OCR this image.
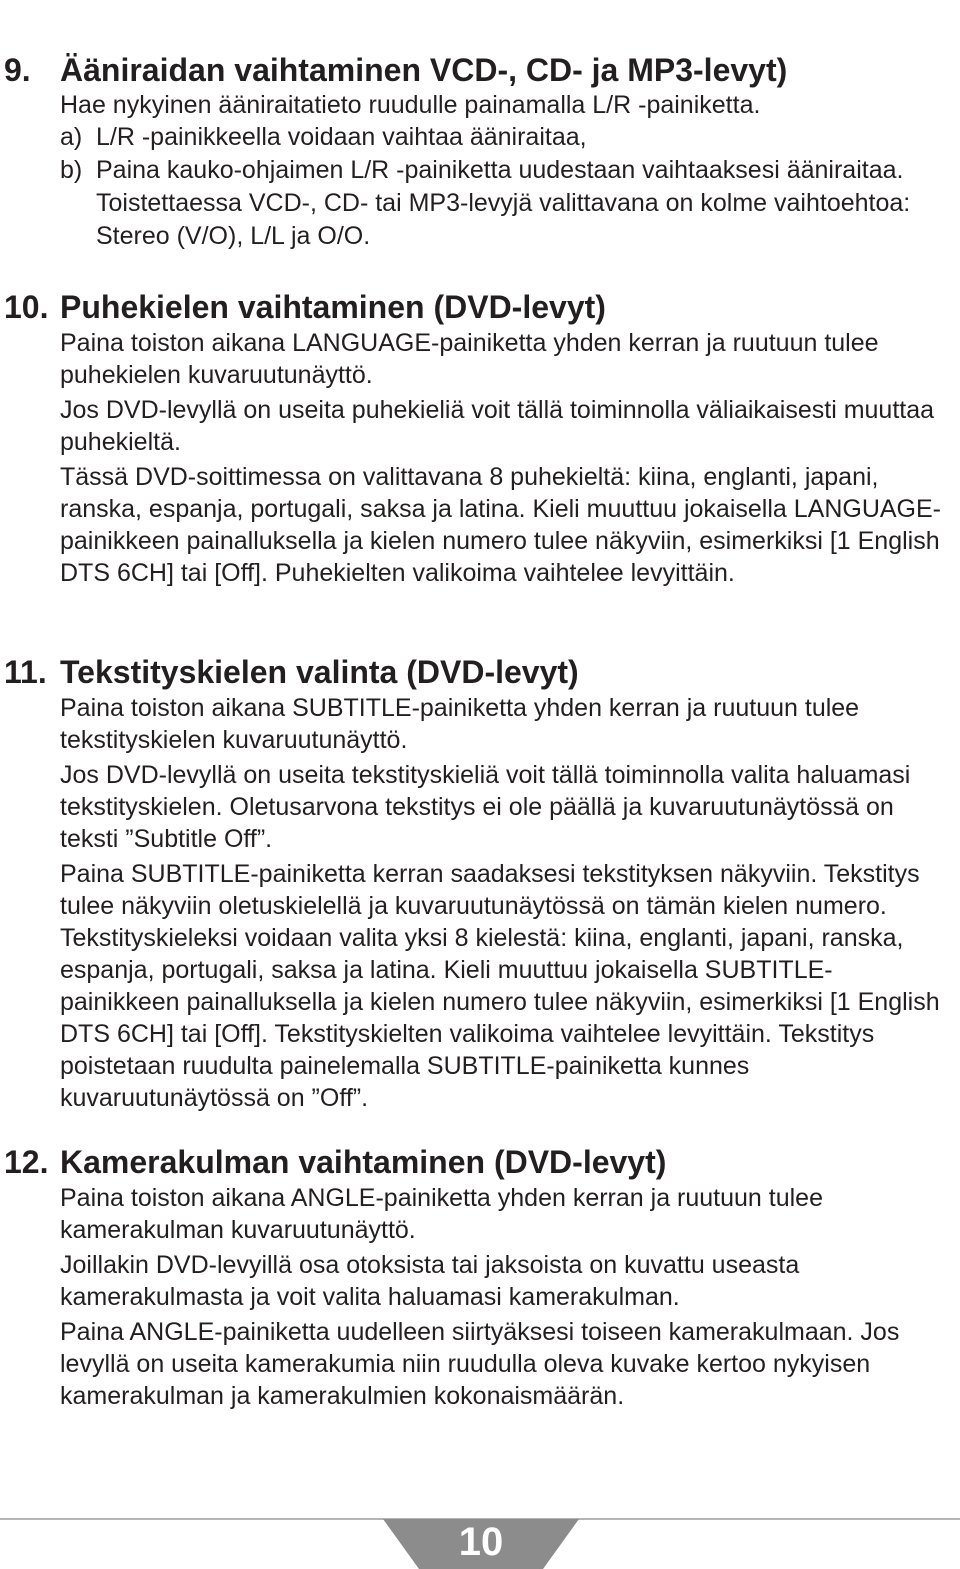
9. Ääniraidan vaihtaminen VCD-, CD- ja MP3-levyt)

Hae nykyinen ääniraitatieto ruudulle painamalla L/R -painiketta.

a) L/R -painikkeella voidaan vaihtaa ääniraitaa,

b) Paina kauko-ohjaimen L/R -painiketta uudestaan vaihtaaksesi ääniraitaa. Toistettaessa VCD-, CD- tai MP3-levyjä valittavana on kolme vaihtoehtoa: Stereo (V/O), L/L ja O/O.

10. Puhekielen vaihtaminen (DVD-levyt)

Paina toiston aikana LANGUAGE-painiketta yhden kerran ja ruutuun tulee puhekielen kuvaruutunäyttö.

Jos DVD-levyllä on useita puhekieliä voit tällä toiminnolla väliaikaisesti muuttaa puhekieltä.

Tässä DVD-soittimessa on valittavana 8 puhekieltä: kiina, englanti, japani, ranska, espanja, portugali, saksa ja latina. Kieli muuttuu jokaisella LANGUAGE-painikkeen painalluksella ja kielen numero tulee näkyviin, esimerkiksi [1 English DTS 6CH] tai [Off]. Puhekielten valikoima vaihtelee levyittäin.

11. Tekstityskielen valinta (DVD-levyt)

Paina toiston aikana SUBTITLE-painiketta yhden kerran ja ruutuun tulee tekstityskielen kuvaruutunäyttö.

Jos DVD-levyllä on useita tekstityskieliä voit tällä toiminnolla valita haluamasi tekstityskielen. Oletusarvona tekstitys ei ole päällä ja kuvaruutunäytössä on teksti ”Subtitle Off”.

Paina SUBTITLE-painiketta kerran saadaksesi tekstityksen näkyviin. Tekstitys tulee näkyviin oletuskielellä ja kuvaruutunäytössä on tämän kielen numero. Tekstityskieleksi voidaan valita yksi 8 kielestä: kiina, englanti, japani, ranska, espanja, portugali, saksa ja latina. Kieli muuttuu jokaisella SUBTITLE-painikkeen painalluksella ja kielen numero tulee näkyviin, esimerkiksi [1 English DTS 6CH] tai [Off]. Tekstityskielten valikoima vaihtelee levyittäin. Tekstitys poistetaan ruudulta painelemalla SUBTITLE-painiketta kunnes kuvaruutunäytössä on ”Off”.

12. Kamerakulman vaihtaminen (DVD-levyt)

Paina toiston aikana ANGLE-painiketta yhden kerran ja ruutuun tulee kamerakulman kuvaruutunäyttö.

Joillakin DVD-levyillä osa otoksista tai jaksoista on kuvattu useasta kamerakulmasta ja voit valita haluamasi kamerakulman.

Paina ANGLE-painiketta uudelleen siirtyäksesi toiseen kamerakulmaan. Jos levyllä on useita kamerakumia niin ruudulla oleva kuvake kertoo nykyisen kamerakulman ja kamerakulmien kokonaismäärän.

10
